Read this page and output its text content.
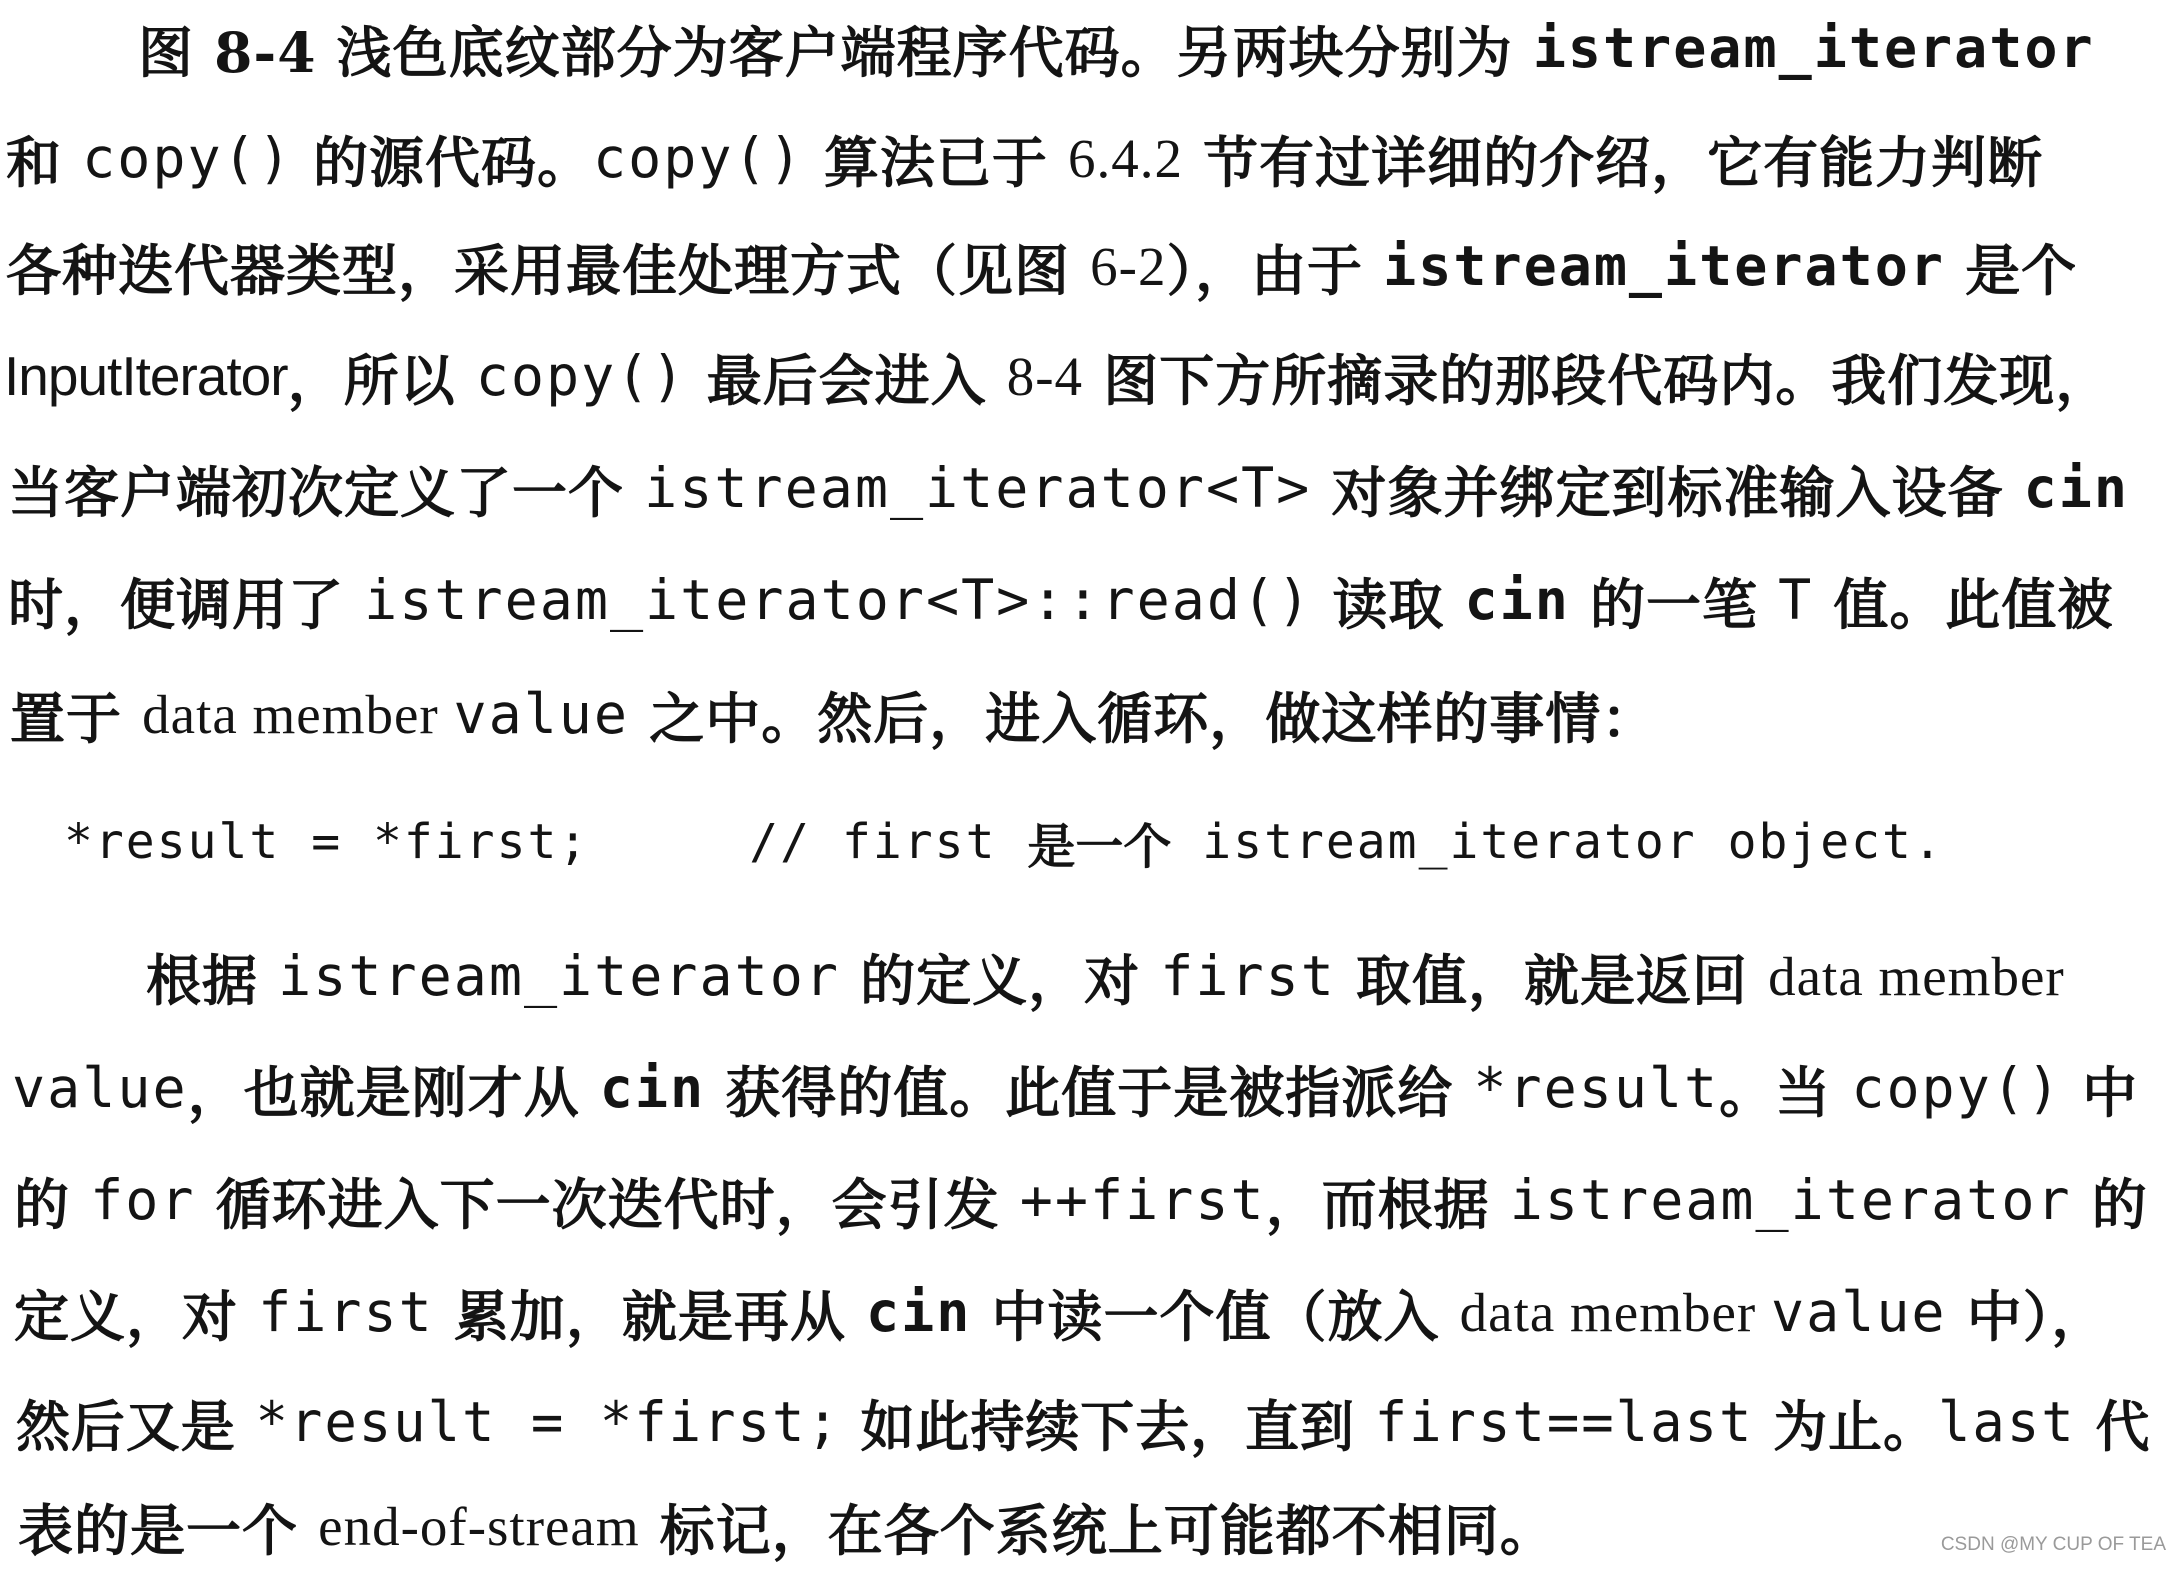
图 8-4 浅色底纹部分为客户端程序代码。另两块分别为 istream_iterator
和 copy() 的源代码。 copy() 算法已于 6.4.2 节有过详细的介绍，它有能力判断
各种迭代器类型，采用最佳处理方式（见图 6-2 ），由于 istream_iterator 是个
InputIterator ，所以 copy() 最后会进入 8-4 图下方所摘录的那段代码内。我们发现，
当客户端初次定义了一个 istream_iterator<T> 对象并绑定到标准输入设备 cin
时，便调用了 istream_iterator<T>::read() 读取 cin 的一笔 T 值。此值被
置于 data member value 之中。然后，进入循环，做这样的事情：
*result = *first;	// first 是一个 istream_iterator object.
根据 istream_iterator 的定义，对 first 取值，就是返回 data member
value ，也就是刚才从 cin 获得的值。此值于是被指派给 *result 。当 copy() 中
的 for 循环进入下一次迭代时，会引发 ++first ，而根据 istream_iterator 的
定义，对 first 累加，就是再从 cin 中读一个值（放入 data member value 中），
然后又是 *result = *first; 如此持续下去，直到 first==last 为止。 last 代
表的是一个 end-of-stream 标记，在各个系统上可能都不相同。	CSDN @MY CUP OF TEA
